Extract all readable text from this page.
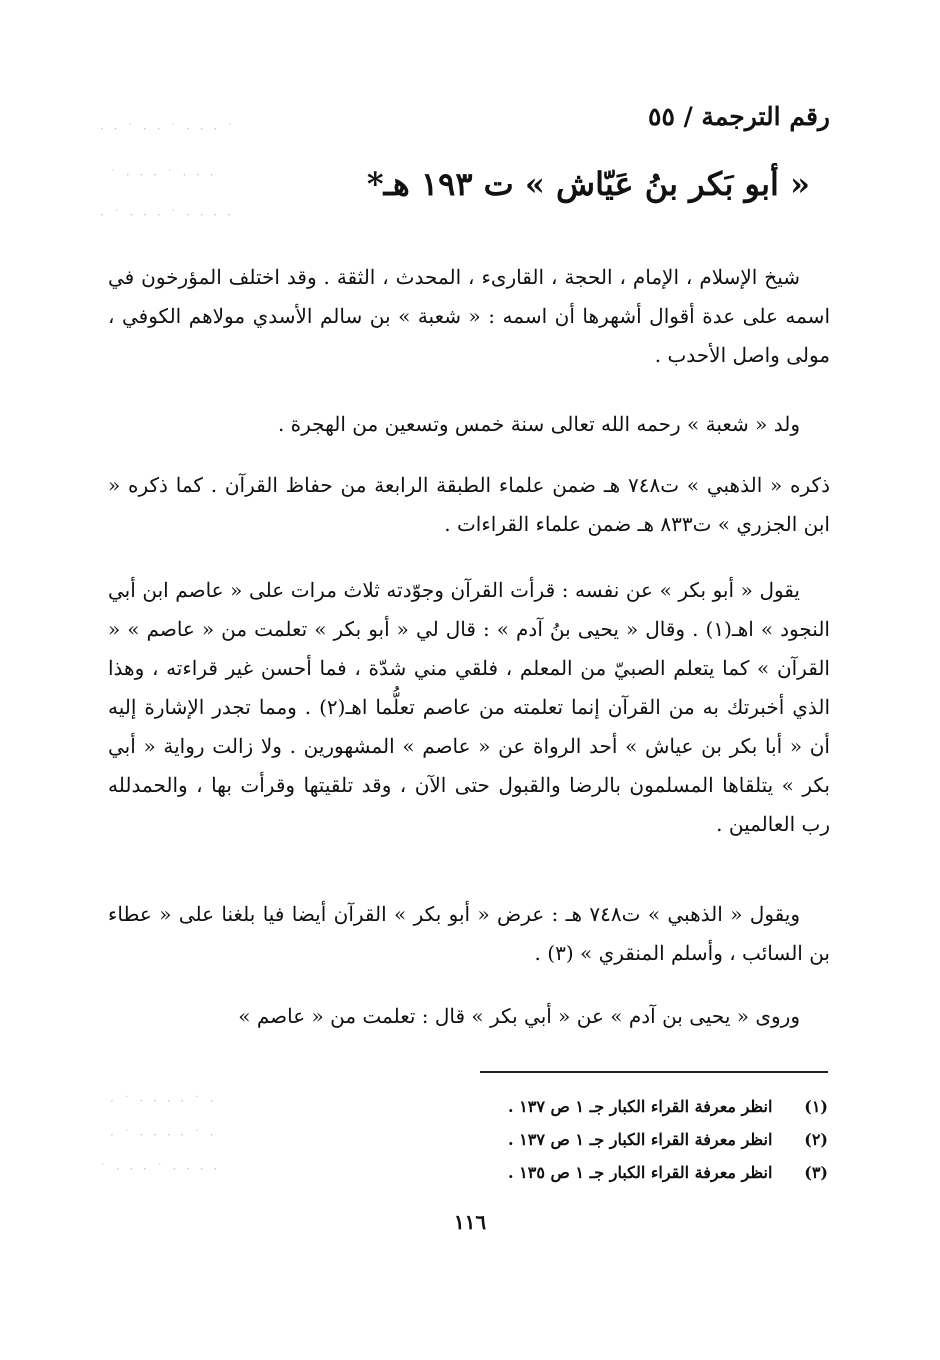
رقم الترجمة / ٥٥
« أبو بَكر بنُ عَيّاش » ت ١٩٣ هـ*
شيخ الإسلام ، الإمام ، الحجة ، القارىء ، المحدث ، الثقة . وقد اختلف المؤرخون في اسمه على عدة أقوال أشهرها أن اسمه : « شعبة » بن سالم الأسدي مولاهم الكوفي ، مولى واصل الأحدب .
ولد « شعبة » رحمه الله تعالى سنة خمس وتسعين من الهجرة .
ذكره « الذهبي » ت٧٤٨ هـ ضمن علماء الطبقة الرابعة من حفاظ القرآن . كما ذكره « ابن الجزري » ت٨٣٣ هـ ضمن علماء القراءات .
يقول « أبو بكر » عن نفسه : قرأت القرآن وجوّدته ثلاث مرات على « عاصم ابن أبي النجود » اهـ(١) . وقال « يحيى بنُ آدم » : قال لي « أبو بكر » تعلمت من « عاصم » « القرآن » كما يتعلم الصبيّ من المعلم ، فلقي مني شدّة ، فما أحسن غير قراءته ، وهذا الذي أخبرتك به من القرآن إنما تعلمته من عاصم تعلُّما اهـ(٢) . ومما تجدر الإشارة إليه أن « أبا بكر بن عياش » أحد الرواة عن « عاصم » المشهورين . ولا زالت رواية « أبي بكر » يتلقاها المسلمون بالرضا والقبول حتى الآن ، وقد تلقيتها وقرأت بها ، والحمدلله رب العالمين .
ويقول « الذهبي » ت٧٤٨ هـ : عرض « أبو بكر » القرآن أيضا فيا بلغنا على « عطاء بن السائب ، وأسلم المنقري » (٣) .
وروى « يحيى بن آدم » عن « أبي بكر » قال : تعلمت من « عاصم »
(١) انظر معرفة القراء الكبار جـ ١ ص ١٣٧ .
(٢) انظر معرفة القراء الكبار جـ ١ ص ١٣٧ .
(٣) انظر معرفة القراء الكبار جـ ١ ص ١٣٥ .
١١٦
· · ˙ · · ˙ · · · ˙
˙ · · · ˙ · · ·
· ˙ · · · ˙ · · · ·
· ˙ · · · · ˙ ·
· ˙ · · · · ˙ ·
˙ · · · ˙ · · · ·
